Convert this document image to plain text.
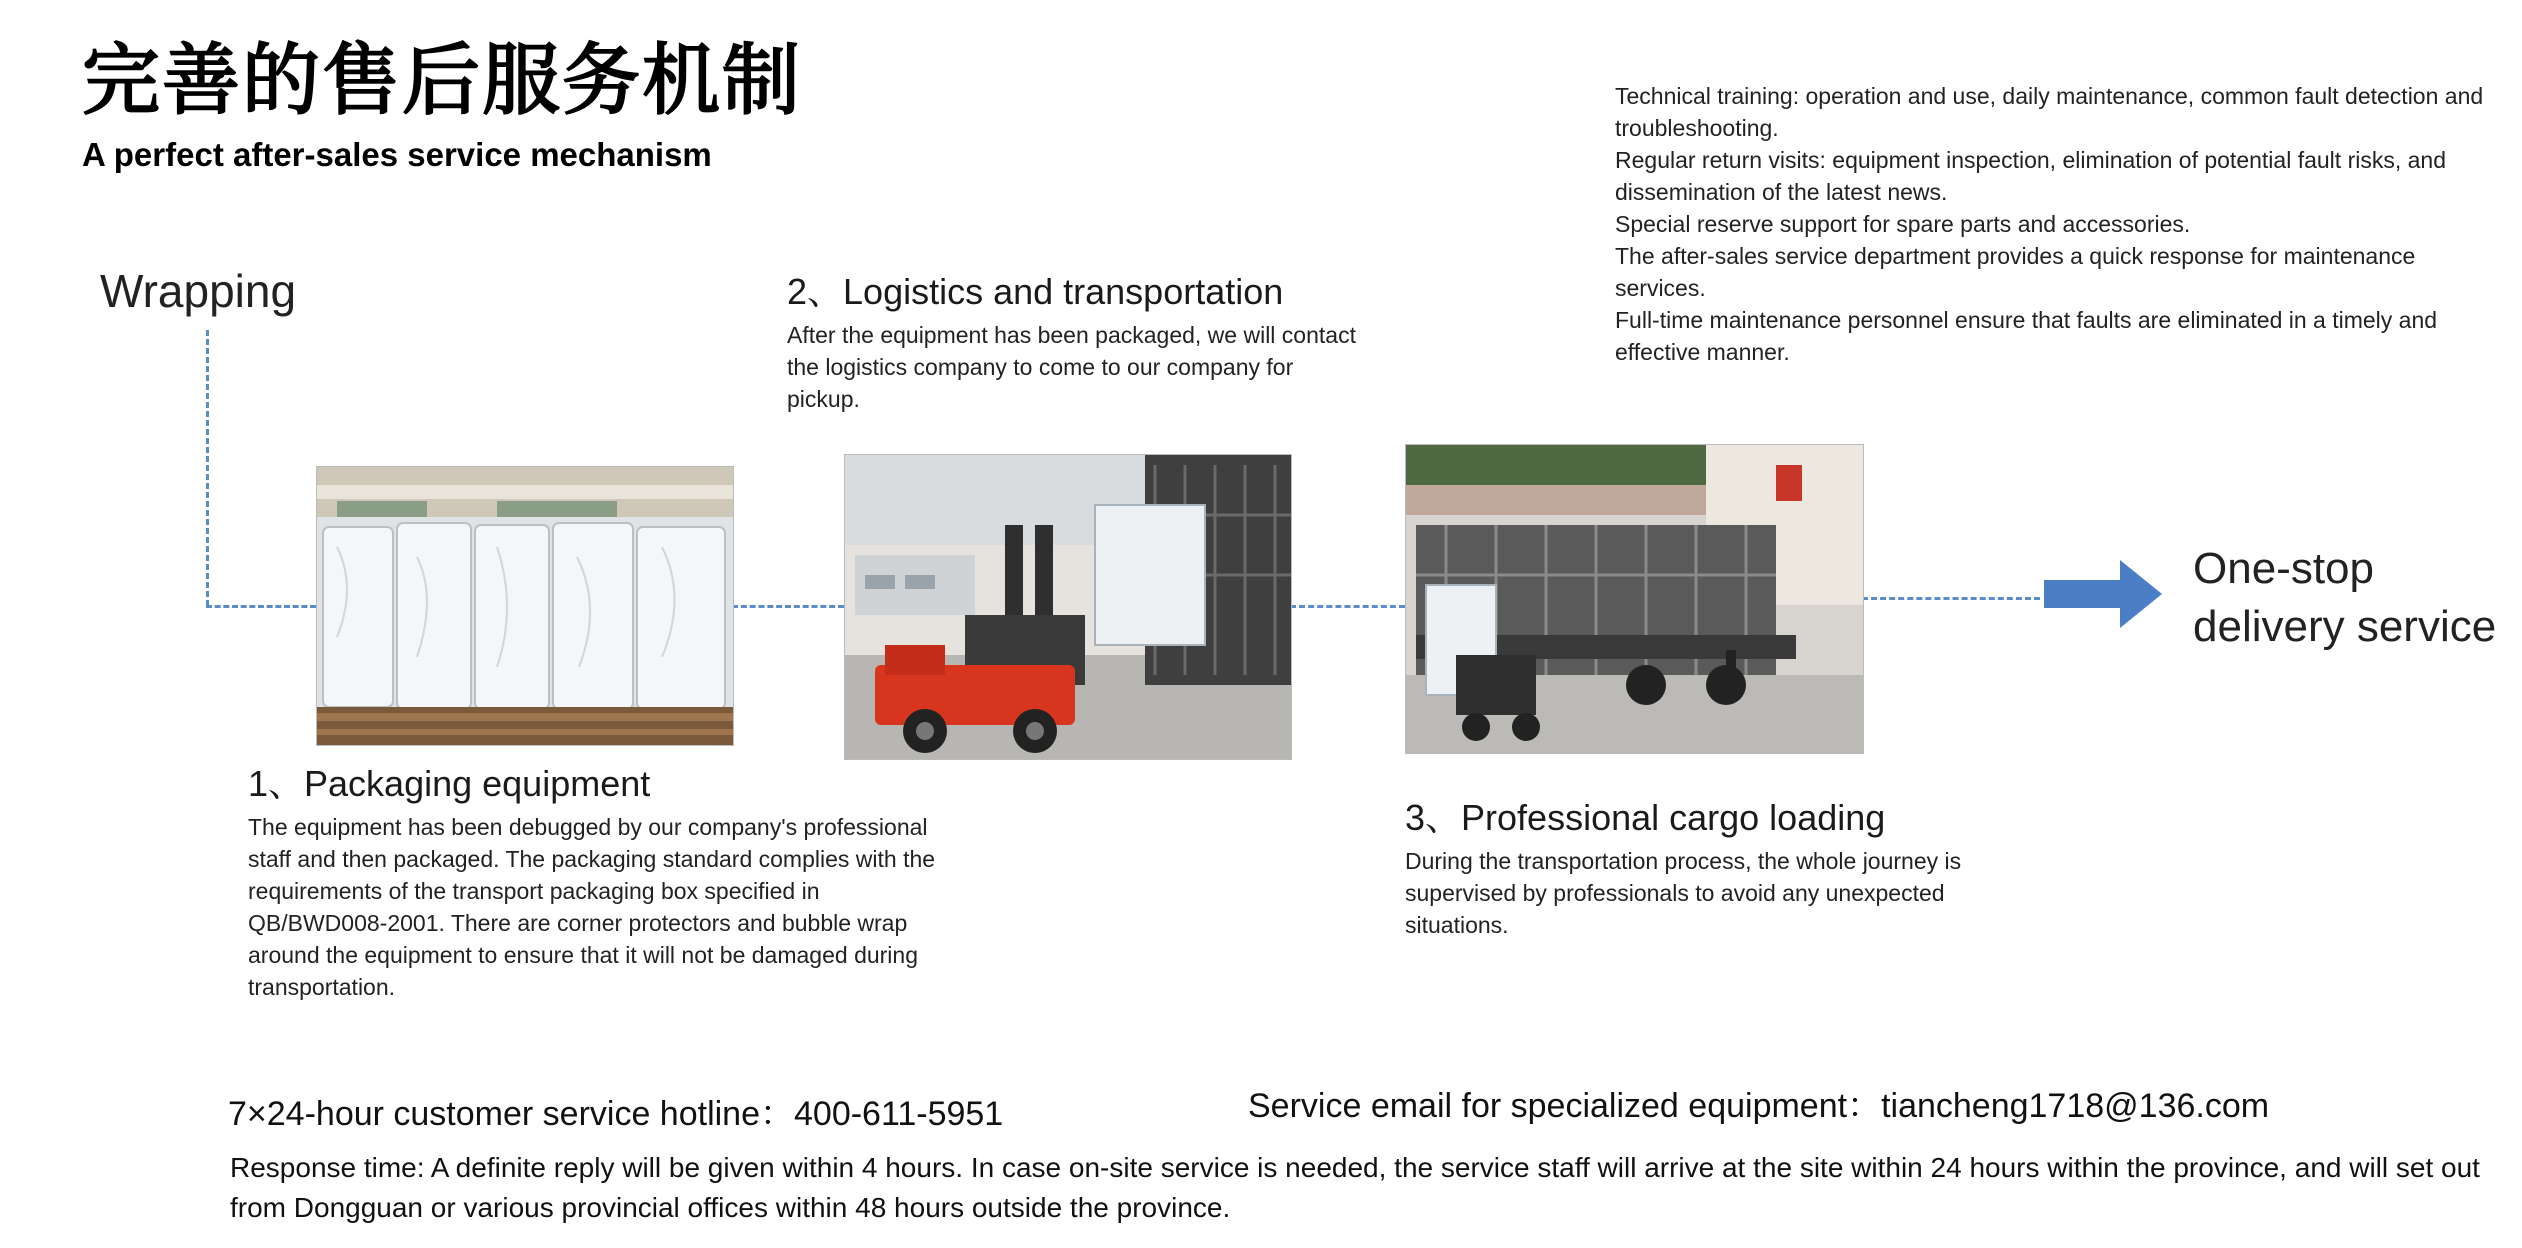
完善的售后服务机制
A perfect after-sales service mechanism

Technical training: operation and use, daily maintenance, common fault detection and troubleshooting.

Regular return visits: equipment inspection, elimination of potential fault risks, and dissemination of the latest news.

Special reserve support for spare parts and accessories.

The after-sales service department provides a quick response for maintenance services.

Full-time maintenance personnel ensure that faults are eliminated in a timely and effective manner.

Wrapping

1、Packaging equipment

The equipment has been debugged by our company's professional staff and then packaged. The packaging standard complies with the requirements of the transport packaging box specified in QB/BWD008-2001. There are corner protectors and bubble wrap around the equipment to ensure that it will not be damaged during transportation.

2、Logistics and transportation

After the equipment has been packaged, we will contact the logistics company to come to our company for pickup.

3、Professional cargo loading

During the transportation process, the whole journey is supervised by professionals to avoid any unexpected situations.

One-stop
delivery service
7×24-hour customer service hotline：400-611-5951	Service email for specialized equipment：tiancheng1718@136.com
Response time: A definite reply will be given within 4 hours. In case on-site service is needed, the service staff will arrive at the site within 24 hours within the province, and will set out from Dongguan or various provincial offices within 48 hours outside the province.
